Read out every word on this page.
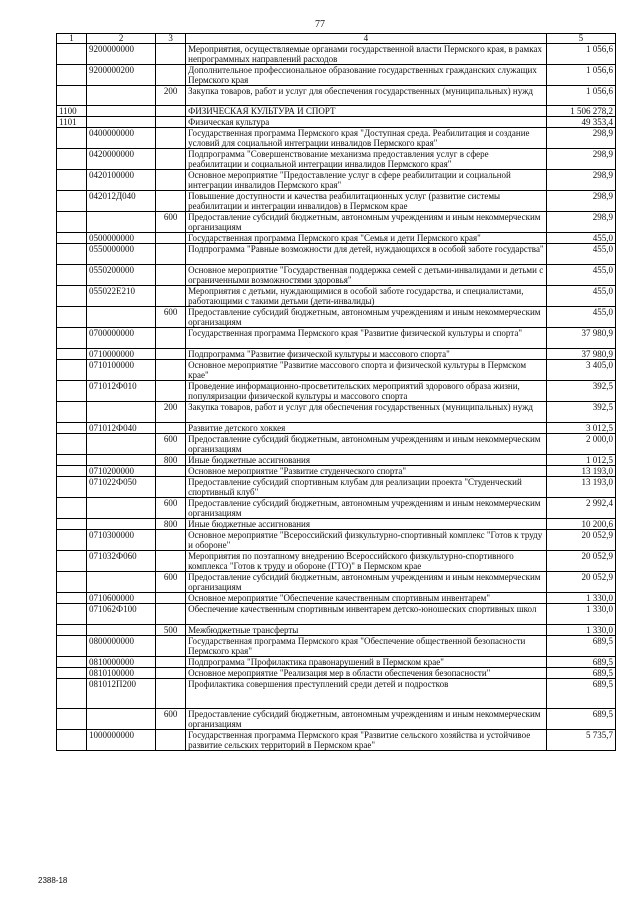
77
1	2	3	4	5
	9200000000		Мероприятия, осуществляемые органами государственной власти Пермского края, в рамках непрограммных направлений расходов	1 056,6
	9200000200		Дополнительное профессиональное образование государственных гражданских служащих Пермского края	1 056,6
		200	Закупка товаров, работ и услуг для обеспечения государственных (муниципальных) нужд	1 056,6
1100			ФИЗИЧЕСКАЯ КУЛЬТУРА И СПОРТ	1 506 278,2
1101			Физическая культура	49 353,4
	0400000000		Государственная программа Пермского края "Доступная среда. Реабилитация и создание условий для социальной интеграции инвалидов Пермского края"	298,9
	0420000000		Подпрограмма "Совершенствование механизма предоставления услуг в сфере реабилитации и социальной интеграции инвалидов Пермского края"	298,9
	0420100000		Основное мероприятие "Предоставление услуг в сфере реабилитации и социальной интеграции инвалидов Пермского края"	298,9
	042012Д040		Повышение доступности и качества реабилитационных услуг (развитие системы реабилитации и интеграции инвалидов) в Пермском крае	298,9
		600	Предоставление субсидий бюджетным, автономным учреждениям и иным некоммерческим организациям	298,9
	0500000000		Государственная программа Пермского края "Семья и дети Пермского края"	455,0
	0550000000		Подпрограмма "Равные возможности для детей, нуждающихся в особой заботе государства"	455,0
	0550200000		Основное мероприятие "Государственная поддержка семей с детьми-инвалидами и детьми с ограниченными возможностями здоровья"	455,0
	055022Е210		Мероприятия с детьми, нуждающимися в особой заботе государства, и специалистами, работающими с такими детьми (дети-инвалиды)	455,0
		600	Предоставление субсидий бюджетным, автономным учреждениям и иным некоммерческим организациям	455,0
	0700000000		Государственная программа Пермского края "Развитие физической культуры и спорта"	37 980,9
	0710000000		Подпрограмма "Развитие физической культуры и массового спорта"	37 980,9
	0710100000		Основное мероприятие "Развитие массового спорта и физической культуры в Пермском крае"	3 405,0
	071012Ф010		Проведение информационно-просветительских мероприятий здорового образа жизни, популяризации физической культуры и массового спорта	392,5
		200	Закупка товаров, работ и услуг для обеспечения государственных (муниципальных) нужд	392,5
	071012Ф040		Развитие детского хоккея	3 012,5
		600	Предоставление субсидий бюджетным, автономным учреждениям и иным некоммерческим организациям	2 000,0
		800	Иные бюджетные ассигнования	1 012,5
	0710200000		Основное мероприятие "Развитие студенческого спорта"	13 193,0
	071022Ф050		Предоставление субсидий спортивным клубам для реализации проекта "Студенческий спортивный клуб"	13 193,0
		600	Предоставление субсидий бюджетным, автономным учреждениям и иным некоммерческим организациям	2 992,4
		800	Иные бюджетные ассигнования	10 200,6
	0710300000		Основное мероприятие "Всероссийский физкультурно-спортивный комплекс "Готов к труду и обороне"	20 052,9
	071032Ф060		Мероприятия по поэтапному внедрению Всероссийского физкультурно-спортивного комплекса "Готов к труду и обороне (ГТО)" в Пермском крае	20 052,9
		600	Предоставление субсидий бюджетным, автономным учреждениям и иным некоммерческим организациям	20 052,9
	0710600000		Основное мероприятие "Обеспечение качественным спортивным инвентарем"	1 330,0
	071062Ф100		Обеспечение качественным спортивным инвентарем детско-юношеских спортивных школ	1 330,0
		500	Межбюджетные трансферты	1 330,0
	0800000000		Государственная программа Пермского края "Обеспечение общественной безопасности Пермского края"	689,5
	0810000000		Подпрограмма "Профилактика правонарушений в Пермском крае"	689,5
	0810100000		Основное мероприятие "Реализация мер в области обеспечения безопасности"	689,5
	081012П200		Профилактика совершения преступлений среди детей и подростков	689,5
		600	Предоставление субсидий бюджетным, автономным учреждениям и иным некоммерческим организациям	689,5
	1000000000		Государственная программа Пермского края "Развитие сельского хозяйства и устойчивое развитие сельских территорий в Пермском крае"	5 735,7
2388-18
